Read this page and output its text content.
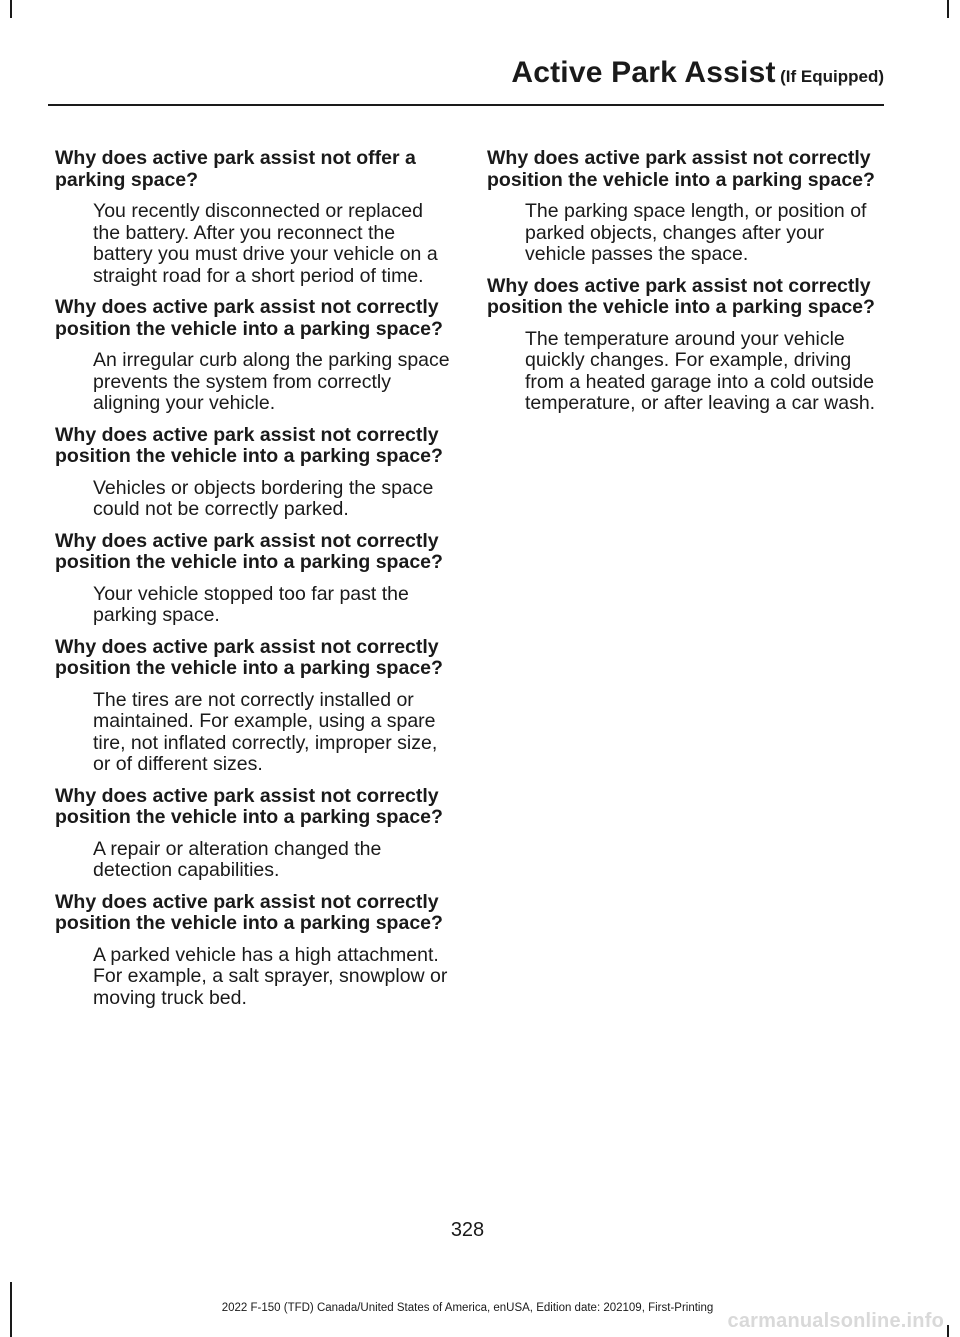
Active Park Assist (If Equipped)

Why does active park assist not offer a parking space?

You recently disconnected or replaced the battery. After you reconnect the battery you must drive your vehicle on a straight road for a short period of time.

Why does active park assist not correctly position the vehicle into a parking space?

An irregular curb along the parking space prevents the system from correctly aligning your vehicle.

Why does active park assist not correctly position the vehicle into a parking space?

Vehicles or objects bordering the space could not be correctly parked.

Why does active park assist not correctly position the vehicle into a parking space?

Your vehicle stopped too far past the parking space.

Why does active park assist not correctly position the vehicle into a parking space?

The tires are not correctly installed or maintained. For example, using a spare tire, not inflated correctly, improper size, or of different sizes.

Why does active park assist not correctly position the vehicle into a parking space?

A repair or alteration changed the detection capabilities.

Why does active park assist not correctly position the vehicle into a parking space?

A parked vehicle has a high attachment. For example, a salt sprayer, snowplow or moving truck bed.

Why does active park assist not correctly position the vehicle into a parking space?

The parking space length, or position of parked objects, changes after your vehicle passes the space.

Why does active park assist not correctly position the vehicle into a parking space?

The temperature around your vehicle quickly changes. For example, driving from a heated garage into a cold outside temperature, or after leaving a car wash.

328
2022 F-150 (TFD) Canada/United States of America, enUSA, Edition date: 202109, First-Printing
carmanualsonline.info
